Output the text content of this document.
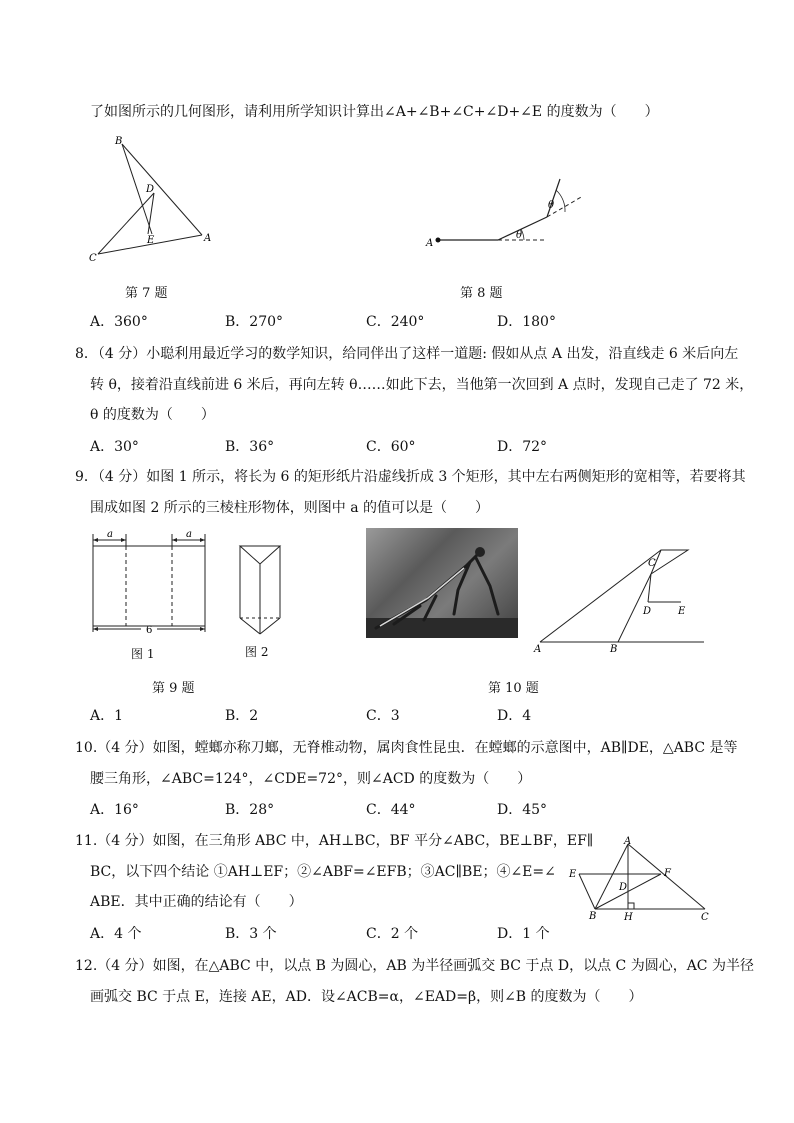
了如图所示的几何图形，请利用所学知识计算出∠A+∠B+∠C+∠D+∠E 的度数为（　　）
B
D
E	A
C
A
θ
θ
第 7 题	第 8 题
A．360°	B．270°	C．240°	D．180°
8．（4 分）小聪利用最近学习的数学知识，给同伴出了这样一道题: 假如从点 A 出发，沿直线走 6 米后向左
转 θ，接着沿直线前进 6 米后，再向左转 θ……如此下去，当他第一次回到 A 点时，发现自己走了 72 米，
θ 的度数为（　　）
A．30°	B．36°	C．60°	D．72°
9．（4 分）如图 1 所示，将长为 6 的矩形纸片沿虚线折成 3 个矩形，其中左右两侧矩形的宽相等，若要将其
围成如图 2 所示的三棱柱形物体，则图中 a 的值可以是（　　）
a	a
6
图 1	图 2
C
D	E
A	B
第 9 题	第 10 题
A．1	B．2	C．3	D．4
10.（4 分）如图，螳螂亦称刀螂，无脊椎动物，属肉食性昆虫．在螳螂的示意图中，AB∥DE，△ABC 是等
腰三角形，∠ABC=124°，∠CDE=72°，则∠ACD 的度数为（　　）
A．16°	B．28°	C．44°	D．45°
11.（4 分）如图，在三角形 ABC 中，AH⊥BC，BF 平分∠ABC，BE⊥BF，EF∥
BC，以下四个结论 ①AH⊥EF；②∠ABF=∠EFB；③AC∥BE；④∠E=∠
ABE．其中正确的结论有（　　）
A
E	F
D
B	H	C
A．4 个	B．3 个	C．2 个	D．1 个
12.（4 分）如图，在△ABC 中，以点 B 为圆心，AB 为半径画弧交 BC 于点 D，以点 C 为圆心，AC 为半径
画弧交 BC 于点 E，连接 AE，AD．设∠ACB=α，∠EAD=β，则∠B 的度数为（　　）
